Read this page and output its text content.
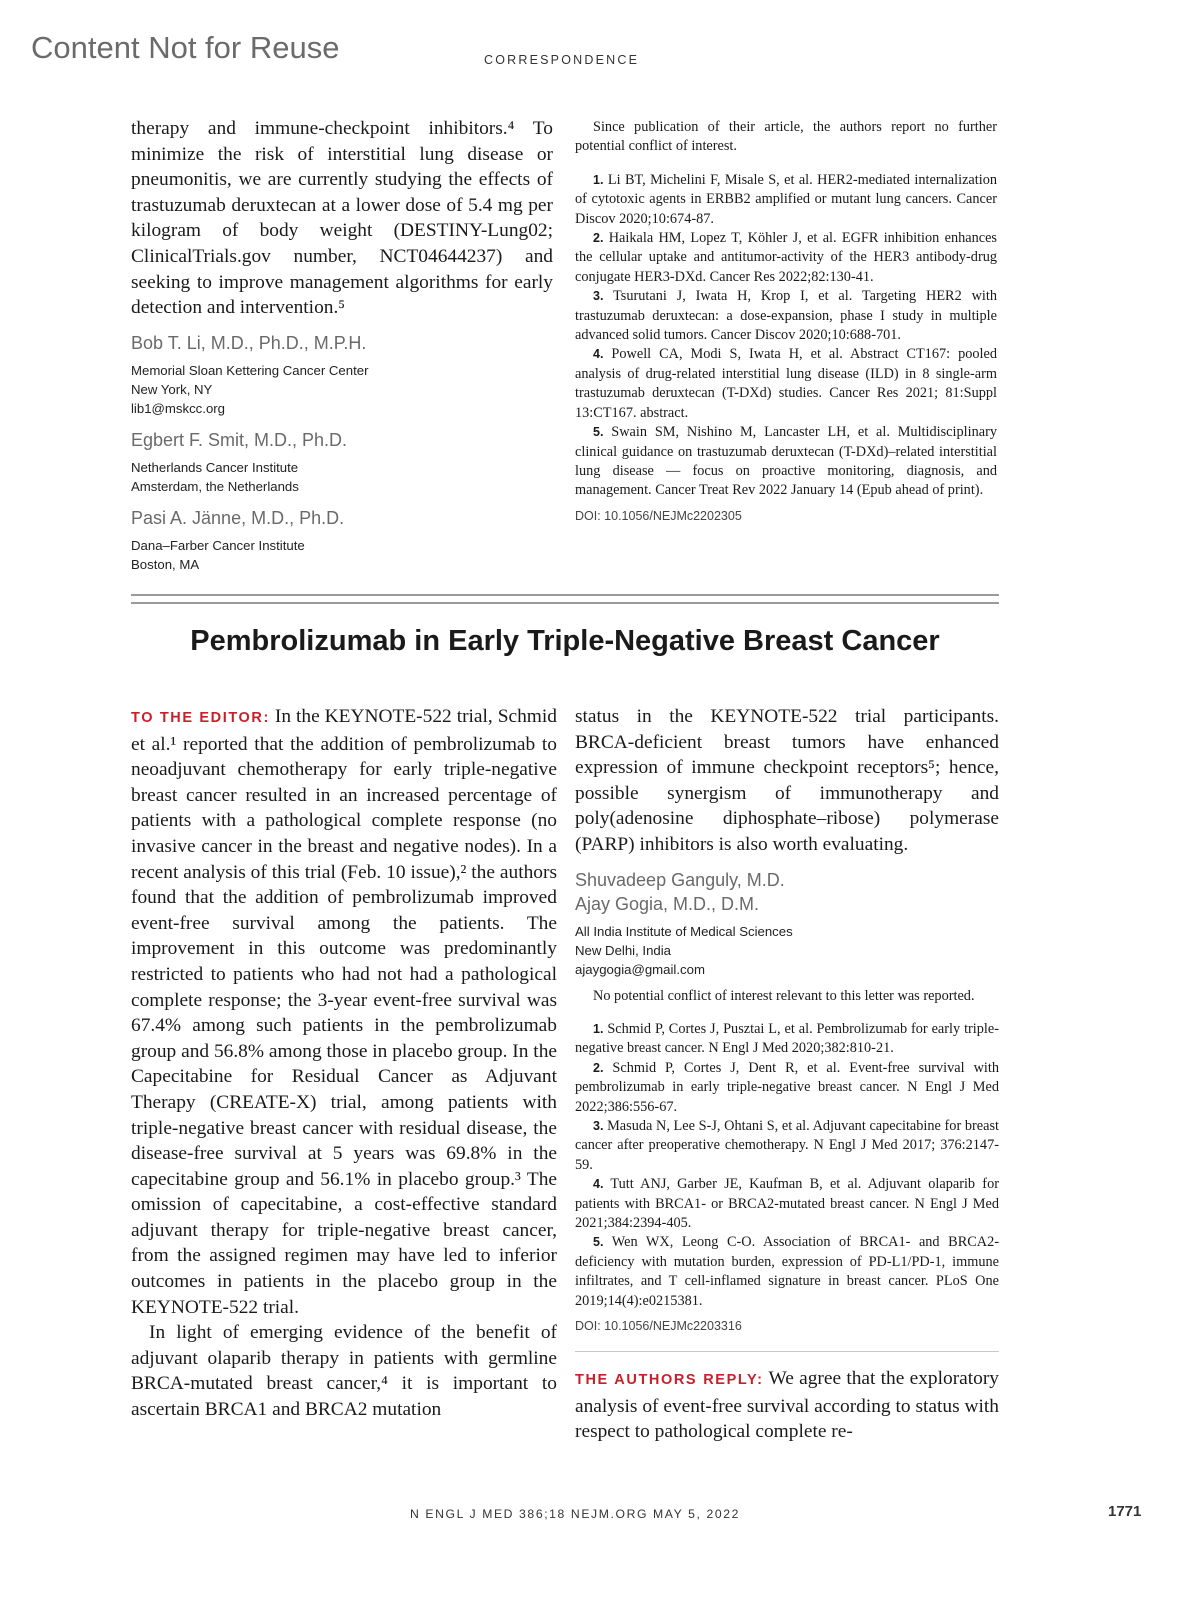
Content Not for Reuse	CORRESPONDENCE

therapy and immune-checkpoint inhibitors.⁴ To minimize the risk of interstitial lung disease or pneumonitis, we are currently studying the effects of trastuzumab deruxtecan at a lower dose of 5.4 mg per kilogram of body weight (DESTINY-Lung02; ClinicalTrials.gov number, NCT04644237) and seeking to improve management algorithms for early detection and intervention.⁵

Bob T. Li, M.D., Ph.D., M.P.H.

Memorial Sloan Kettering Cancer Center

New York, NY

lib1@mskcc.org

Egbert F. Smit, M.D., Ph.D.

Netherlands Cancer Institute

Amsterdam, the Netherlands

Pasi A. Jänne, M.D., Ph.D.

Dana–Farber Cancer Institute

Boston, MA

Since publication of their article, the authors report no further potential conflict of interest.

1. Li BT, Michelini F, Misale S, et al. HER2-mediated internalization of cytotoxic agents in ERBB2 amplified or mutant lung cancers. Cancer Discov 2020;10:674-87.

2. Haikala HM, Lopez T, Köhler J, et al. EGFR inhibition enhances the cellular uptake and antitumor-activity of the HER3 antibody-drug conjugate HER3-DXd. Cancer Res 2022;82:130-41.

3. Tsurutani J, Iwata H, Krop I, et al. Targeting HER2 with trastuzumab deruxtecan: a dose-expansion, phase I study in multiple advanced solid tumors. Cancer Discov 2020;10:688-701.

4. Powell CA, Modi S, Iwata H, et al. Abstract CT167: pooled analysis of drug-related interstitial lung disease (ILD) in 8 single-arm trastuzumab deruxtecan (T-DXd) studies. Cancer Res 2021; 81:Suppl 13:CT167. abstract.

5. Swain SM, Nishino M, Lancaster LH, et al. Multidisciplinary clinical guidance on trastuzumab deruxtecan (T-DXd)–related interstitial lung disease — focus on proactive monitoring, diagnosis, and management. Cancer Treat Rev 2022 January 14 (Epub ahead of print).

DOI: 10.1056/NEJMc2202305
Pembrolizumab in Early Triple-Negative Breast Cancer

TO THE EDITOR: In the KEYNOTE-522 trial, Schmid et al.¹ reported that the addition of pembrolizumab to neoadjuvant chemotherapy for early triple-negative breast cancer resulted in an increased percentage of patients with a pathological complete response (no invasive cancer in the breast and negative nodes). In a recent analysis of this trial (Feb. 10 issue),² the authors found that the addition of pembrolizumab improved event-free survival among the patients. The improvement in this outcome was predominantly restricted to patients who had not had a pathological complete response; the 3-year event-free survival was 67.4% among such patients in the pembrolizumab group and 56.8% among those in placebo group. In the Capecitabine for Residual Cancer as Adjuvant Therapy (CREATE-X) trial, among patients with triple-negative breast cancer with residual disease, the disease-free survival at 5 years was 69.8% in the capecitabine group and 56.1% in placebo group.³ The omission of capecitabine, a cost-effective standard adjuvant therapy for triple-negative breast cancer, from the assigned regimen may have led to inferior outcomes in patients in the placebo group in the KEYNOTE-522 trial.

In light of emerging evidence of the benefit of adjuvant olaparib therapy in patients with germline BRCA-mutated breast cancer,⁴ it is important to ascertain BRCA1 and BRCA2 mutation

status in the KEYNOTE-522 trial participants. BRCA-deficient breast tumors have enhanced expression of immune checkpoint receptors⁵; hence, possible synergism of immunotherapy and poly(adenosine diphosphate–ribose) polymerase (PARP) inhibitors is also worth evaluating.

Shuvadeep Ganguly, M.D.
Ajay Gogia, M.D., D.M.

All India Institute of Medical Sciences

New Delhi, India

ajaygogia@gmail.com

No potential conflict of interest relevant to this letter was reported.

1. Schmid P, Cortes J, Pusztai L, et al. Pembrolizumab for early triple-negative breast cancer. N Engl J Med 2020;382:810-21.

2. Schmid P, Cortes J, Dent R, et al. Event-free survival with pembrolizumab in early triple-negative breast cancer. N Engl J Med 2022;386:556-67.

3. Masuda N, Lee S-J, Ohtani S, et al. Adjuvant capecitabine for breast cancer after preoperative chemotherapy. N Engl J Med 2017; 376:2147-59.

4. Tutt ANJ, Garber JE, Kaufman B, et al. Adjuvant olaparib for patients with BRCA1- or BRCA2-mutated breast cancer. N Engl J Med 2021;384:2394-405.

5. Wen WX, Leong C-O. Association of BRCA1- and BRCA2-deficiency with mutation burden, expression of PD-L1/PD-1, immune infiltrates, and T cell-inflamed signature in breast cancer. PLoS One 2019;14(4):e0215381.

DOI: 10.1056/NEJMc2203316

THE AUTHORS REPLY: We agree that the exploratory analysis of event-free survival according to status with respect to pathological complete re-

N ENGL J MED 386;18 NEJM.ORG MAY 5, 2022	1771
